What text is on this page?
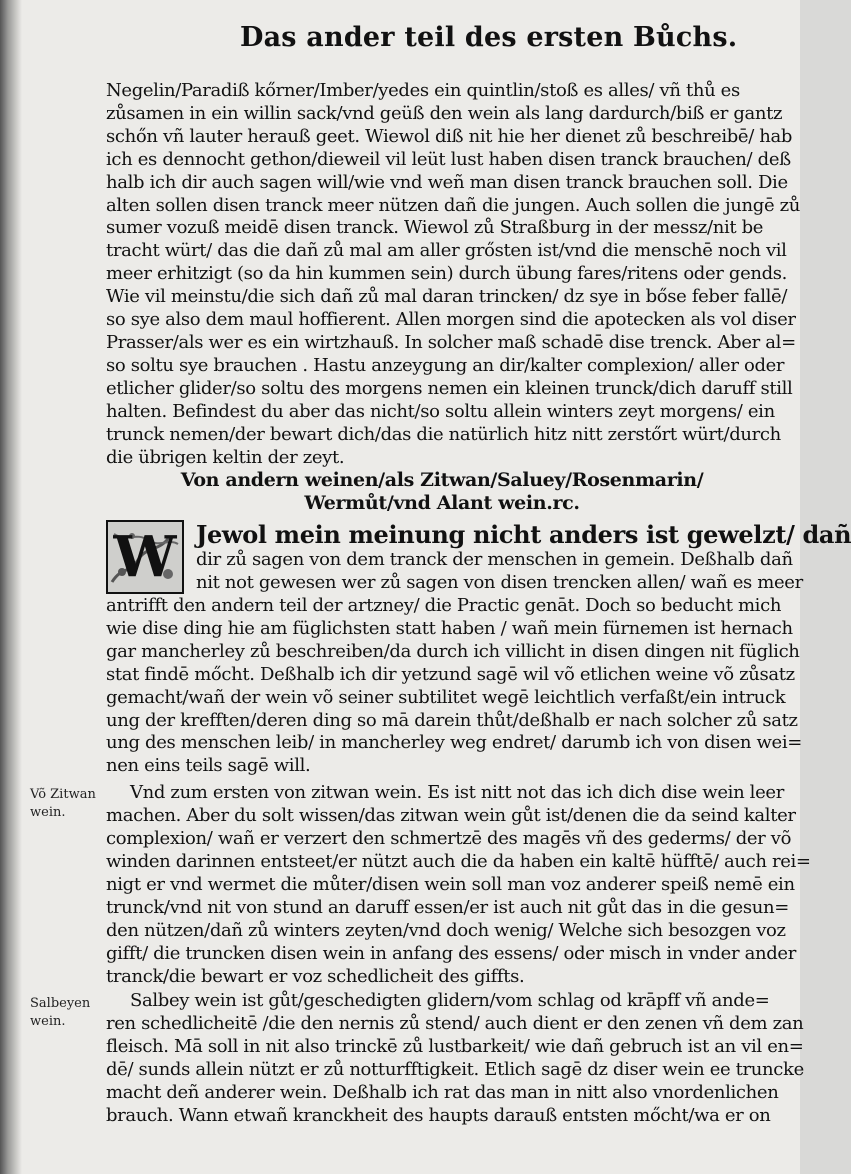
Das ander teil des ersten Bůchs.
Võ Zitwan
wein.
Salbeyen
wein.
W
Negelin/Paradiß kőrner/Imber/yedes ein quintlin/stoß es alles/ vñ thů es
zůsamen in ein willin sack/vnd geüß den wein als lang dardurch/biß er gantz
schőn vñ lauter herauß geet. Wiewol diß nit hie her dienet zů beschreibē/ hab
ich es dennocht gethon/dieweil vil leüt lust haben disen tranck brauchen/ deß
halb ich dir auch sagen will/wie vnd weñ man disen tranck brauchen soll. Die
alten sollen disen tranck meer nützen dañ die jungen. Auch sollen die jungē zů
sumer vozuß meidē disen tranck. Wiewol zů Straßburg in der messz/nit be
tracht würt/ das die dañ zů mal am aller grősten ist/vnd die menschē noch vil
meer erhitzigt (so da hin kummen sein) durch übung fares/ritens oder gends.
Wie vil meinstu/die sich dañ zů mal daran trincken/ dz sye in bőse feber fallē/
so sye also dem maul hoffierent. Allen morgen sind die apotecken als vol diser
Prasser/als wer es ein wirtzhauß. In solcher maß schadē dise trenck. Aber al=
so soltu sye brauchen . Hastu anzeygung an dir/kalter complexion/ aller oder
etlicher glider/so soltu des morgens nemen ein kleinen trunck/dich daruff still
halten. Befindest du aber das nicht/so soltu allein winters zeyt morgens/ ein
trunck nemen/der bewart dich/das die natürlich hitz nitt zerstőrt würt/durch
die übrigen keltin der zeyt.
Von andern weinen/als Zitwan/Saluey/Rosenmarin/
Wermůt/vnd Alant wein.rc.
Jewol mein meinung nicht anders ist gewelzt/ dañ
dir zů sagen von dem tranck der menschen in gemein. Deßhalb dañ
nit not gewesen wer zů sagen von disen trencken allen/ wañ es meer
antrifft den andern teil der artzney/ die Practic genāt. Doch so beducht mich
wie dise ding hie am füglichsten statt haben / wañ mein fürnemen ist hernach
gar mancherley zů beschreiben/da durch ich villicht in disen dingen nit füglich
stat findē mőcht. Deßhalb ich dir yetzund sagē wil võ etlichen weine võ zůsatz
gemacht/wañ der wein võ seiner subtilitet wegē leichtlich verfaßt/ein intruck
ung der krefften/deren ding so mā darein thůt/deßhalb er nach solcher zů satz
ung des menschen leib/ in mancherley weg endret/ darumb ich von disen wei=
nen eins teils sagē will.
Vnd zum ersten von zitwan wein. Es ist nitt not das ich dich dise wein leer
machen. Aber du solt wissen/das zitwan wein gůt ist/denen die da seind kalter
complexion/ wañ er verzert den schmertzē des magēs vñ des gederms/ der võ
winden darinnen entsteet/er nützt auch die da haben ein kaltē hüfftē/ auch rei=
nigt er vnd wermet die můter/disen wein soll man voz anderer speiß nemē ein
trunck/vnd nit von stund an daruff essen/er ist auch nit gůt das in die gesun=
den nützen/dañ zů winters zeyten/vnd doch wenig/ Welche sich besozgen voz
gifft/ die truncken disen wein in anfang des essens/ oder misch in vnder ander
tranck/die bewart er voz schedlicheit des giffts.
Salbey wein ist gůt/geschedigten glidern/vom schlag od krāpff vñ ande=
ren schedlicheitē /die den nernis zů stend/ auch dient er den zenen vñ dem zan
fleisch. Mā soll in nit also trinckē zů lustbarkeit/ wie dañ gebruch ist an vil en=
dē/ sunds allein nützt er zů notturfftigkeit. Etlich sagē dz diser wein ee truncke
macht deñ anderer wein. Deßhalb ich rat das man in nitt also vnordenlichen
brauch. Wann etwañ kranckheit des haupts darauß entsten mőcht/wa er on
